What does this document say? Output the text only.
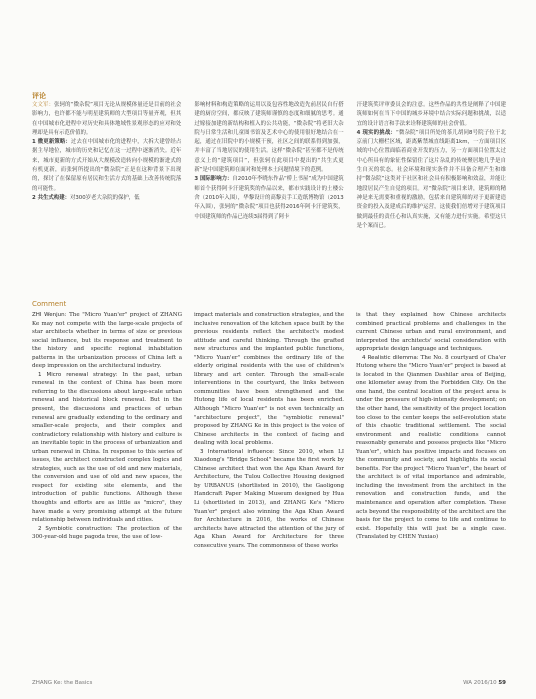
评论

文文军：张轲的“微杂院”项目无论从规模体量还是目前的社会影响力，也许都不能与明星建筑师的大型项目等量齐观，但其在中国城市化进程中对历史和具体地域性景观形态的应对和处理却是具有示范价值的。

1 微更新策略：过去在中国城市化的进程中，大拆大建曾经占据主导地位，城市的历史和记忆在这一过程中逐渐消失。近年来，城市更新的方式开始从大规模改造转向小规模的渐进式的有机更新，而张轲所提出的“微杂院”正是在这种背景下出现的，探讨了在保留原有居民和生活方式的基础上改善传统院落的可能性。

2 共生式构建：对300岁老大杂院的保护，低

影响材料和构造策略的运用以及包容性地改造先前居民自行搭建的厨房空间，都反映了建筑师谨慎的态度和细腻的思考。通过嫁接加建的新结构和植入的公共功能，“微杂院”将老旧大杂院与日常生活和儿童图书馆及艺术中心的使用很好地结合在一起，通过在旧院中的小规模干预，社区之间的联系得到加强，并丰富了当地居民的使用生活。这样“微杂院”甚至都不是传统意义上的“建筑项目”，但张轲在此项目中提出的“共生式更新”是中国建筑师在面对和处理本土问题情境下的范例。

3 国际影响力：自2010年李晓东作品“桥上书屋”成为中国建筑师首个获得阿卡汗建筑奖的作品以来，都市实践设计的土楼公舍（2010年入围），华黎设计的高黎贡手工造纸博物馆（2013年入围），张轲的“微杂院”项目也获得2016年阿卡汗建筑奖，中国建筑师的作品已连续3届得到了阿卡

汗建筑奖评审委员会的注意。这些作品的共性是阐释了中国建筑师如何在当下中国的城乡环境中结合实际问题和挑战，以适宜的设计语言和手法来诠释建筑师的社会价值。

4 现实的挑战：“微杂院”项目所处的茶儿胡同8号院子位于北京前门大栅栏区域，距离紫禁城直线距离1km，一方面项目区域的中心位置面临着商业开发的压力，另一方面项目位置太过中心所具有的象征性保留住了这片杂乱的传统聚居地几乎是自生自灭的状态。社会环境和现实条件并不具备合理产生和维持“微杂院”这类对于社区和社会具有积极影响和效益，并能让地段居民产生自觉的项目。对“微杂院”项目来讲，建筑师的精神是来无需要和重视的激励，包括来自建筑师的对于更新建造资金的投入及建成后的维护运营，这使我们倍增对于建筑项目做到最佳的责任心和认真实施，又有能力进行实施。希望这只是个案而已。

Comment

ZHI Wenjun: The "Micro Yuan'er" project of ZHANG Ke may not compete with the large-scale projects of star architects whether in terms of size or previous social influence, but its response and treatment to the history and specific regional inhabitation patterns in the urbanization process of China left a deep impression on the architectural industry.

1 Micro renewal strategy: In the past, urban renewal in the context of China has been more referring to the discussions about large-scale urban renewal and historical block renewal. But in the present, the discussions and practices of urban renewal are gradually extending to the ordinary and smaller-scale projects, and their complex and contradictory relationship with history and culture is an inevitable topic in the process of urbanization and urban renewal in China. In response to this series of issues, the architect constructed complex logics and strategies, such as the use of old and new materials, the conversion and use of old and new spaces, the respect for existing site elements, and the introduction of public functions. Although these thoughts and efforts are as little as "micro", they have made a very promising attempt at the future relationship between individuals and cities.

2 Symbiotic construction: The protection of the 300-year-old huge pagoda tree, the use of low-

impact materials and construction strategies, and the inclusive renovation of the kitchen space built by the previous residents reflect the architect's modest attitude and careful thinking. Through the grafted new structures and the implanted public functions, "Micro Yuan'er" combines the ordinary life of the elderly original residents with the use of children's library and art center. Through the small-scale interventions in the courtyard, the links between communities have been strengthened and the Hutong life of local residents has been enriched. Although "Micro Yuan'er" is not even technically an "architecture project", the "symbiotic renewal" proposed by ZHANG Ke in this project is the voice of Chinese architects in the context of facing and dealing with local problems.

3 International influence: Since 2010, when LI Xiaodong's "Bridge School" became the first work by Chinese architect that won the Aga Khan Award for Architecture, the Tulou Collective Housing designed by URBANUS (shortlisted in 2010), the Gaoligong Handcraft Paper Making Museum designed by Hua Li (shortlisted in 2013), and ZHANG Ke's "Micro Yuan'er" project also winning the Aga Khan Award for Architecture in 2016, the works of Chinese architects have attracted the attention of the jury of Aga Khan Award for Architecture for three consecutive years. The commonness of these works

is that they explained how Chinese architects combined practical problems and challenges in the current Chinese urban and rural environment, and interpreted the architects' social consideration with appropriate design language and techniques.

4 Realistic dilemma: The No. 8 courtyard of Cha'er Hutong where the "Micro Yuan'er" project is based at is located in the Qianmen Dashilar area of Beijing, one kilometer away from the Forbidden City. On the one hand, the central location of the project area is under the pressure of high-intensity development; on the other hand, the sensitivity of the project location too close to the center keeps the self-evolution state of this chaotic traditional settlement. The social environment and realistic conditions cannot reasonably generate and possess projects like "Micro Yuan'er", which has positive impacts and focuses on the community and society, and highlights its social benefits. For the project "Micro Yuan'er", the heart of the architect is of vital importance and admirable, including the investment from the architect in the renovation and construction funds, and the maintenance and operation after completion. These acts beyond the responsibility of the architect are the basis for the project to come to life and continue to exist. Hopefully this will just be a single case. (Translated by CHEN Yuxiao)

ZHANG Ke: the Basics	WA 2016/10 59
